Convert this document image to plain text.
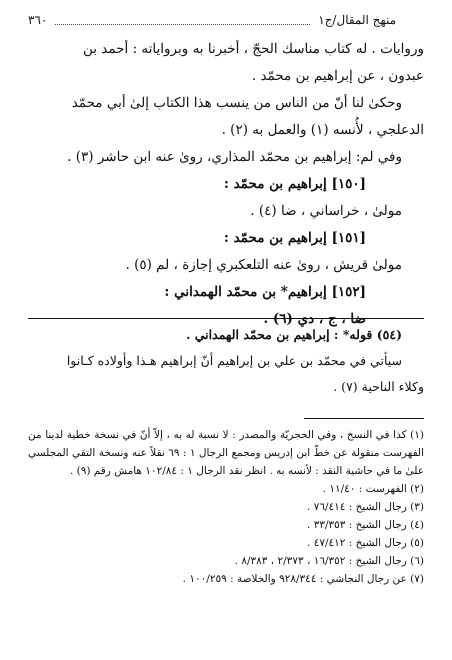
منهج المقال/ج١
٣٦٠

وروايات . له كتاب مناسك الحجّ ، أخبرنا به وبرواياته : أحمد بن

عبدون ، عن إبراهيم بن محمّد .

وحكىٰ لنا أنّ من الناس من ينسب هذا الكتاب إلىٰ أبي محمّد

الدعلجي ، لأُنسه (١) والعمل به (٢) .

وفي لم: إبراهيم بن محمّد المذاري، روىٰ عنه ابن حاشر (٣) .

[١٥٠] إبراهيم بن محمّد :

مولىٰ ، خراساني ، ضا (٤) .

[١٥١] إبراهيم بن محمّد :

مولىٰ قريش ، روىٰ عنه التلعكبري إجازة ، لم (٥) .

[١٥٢] إبراهيم* بن محمّد الهمداني :

ضا ، ج ، دي (٦) .

(٥٤) قوله* : إبراهيم بن محمّد الهمداني .

سيأتي في محمّد بن علي بن إبراهيم أنّ إبراهيم هـذا وأولاده كـانوا

وكلاء الناحية (٧) .

(١) كذا في النسخ ، وفي الحجريّة والمصدر : لا نسبة له به ، إلاّ أنّ في نسخة خطية لدينا من الفهرست منقولة عن خطّ ابن إدريس ومجمع الرجال ١ : ٦٩ نقلاً عنه ونسخة التقي المجلسي علىٰ ما في حاشية النقد : لأنسه به . انظر نقد الرجال ١ : ١٠٢/٨٤ هامش رقم (٩) .
(٢) الفهرست : ١١/٤٠ .
(٣) رجال الشيخ : ٧٦/٤١٤ .
(٤) رجال الشيخ : ٣٣/٣٥٣ .
(٥) رجال الشيخ : ٤٧/٤١٢ .
(٦) رجال الشيخ : ١٦/٣٥٢ ، ٢/٣٧٣ ، ٨/٣٨٣ .
(٧) عن رجال النجاشي : ٩٢٨/٣٤٤ والخلاصة : ١٠٠/٢٥٩ .
